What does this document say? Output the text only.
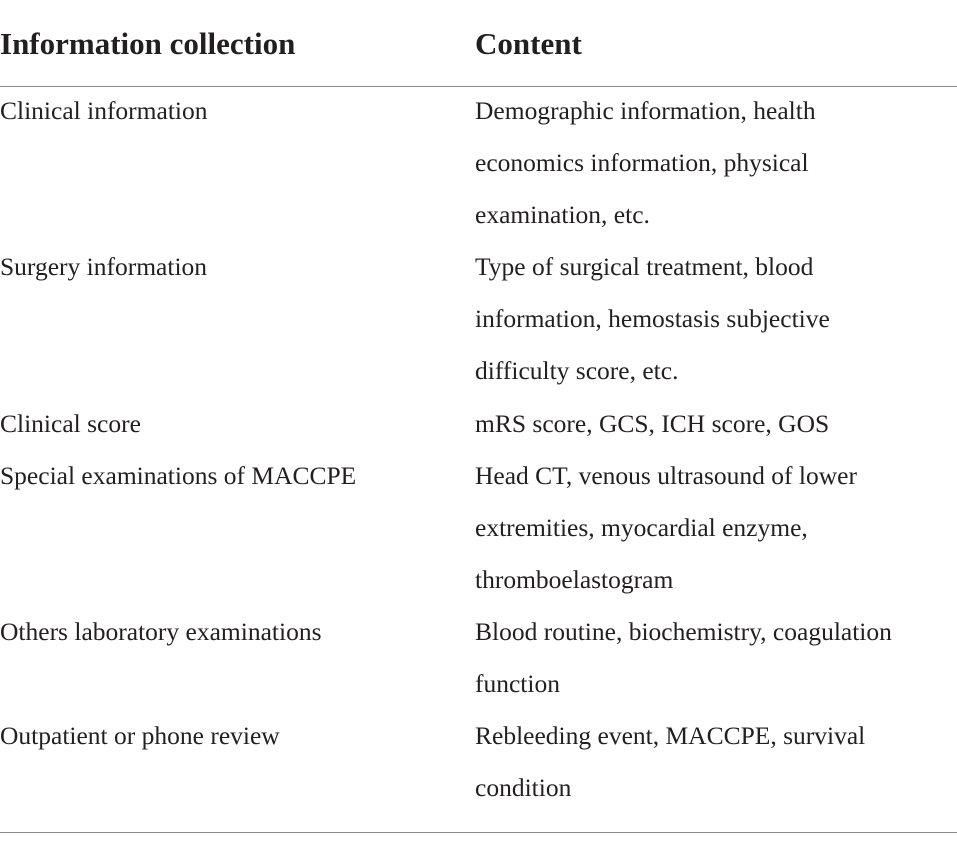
Information collection	Content
Clinical information	Demographic information, health
economics information, physical
examination, etc.
Surgery information	Type of surgical treatment, blood
information, hemostasis subjective
difficulty score, etc.
Clinical score	mRS score, GCS, ICH score, GOS
Special examinations of MACCPE	Head CT, venous ultrasound of lower
extremities, myocardial enzyme,
thromboelastogram
Others laboratory examinations	Blood routine, biochemistry, coagulation
function
Outpatient or phone review	Rebleeding event, MACCPE, survival
condition
